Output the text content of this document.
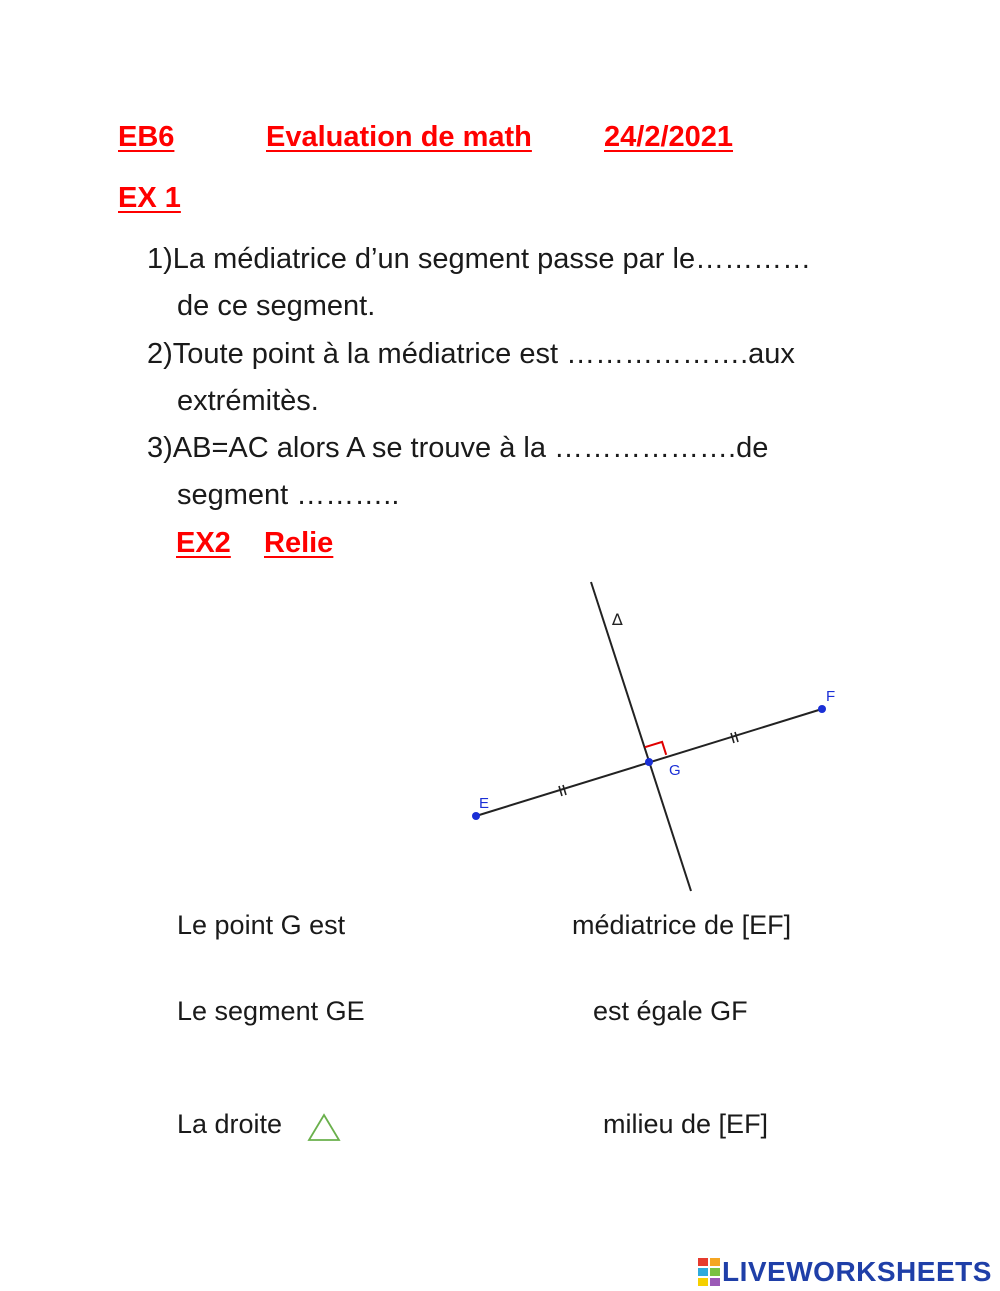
EB6	Evaluation de math 24/2/2021
EX 1
1)La médiatrice d’un segment passe par le…………
de ce segment.
2)Toute point à la médiatrice est ……………….aux
extrémitès.
3)AB=AC alors A se trouve à la ……………….de
segment ………..
EX2 Relie
∆
E
F
G
Le point G est
Le segment GE
La droite
médiatrice de [EF]
est égale GF
milieu de [EF]
LIVEWORKSHEETS
